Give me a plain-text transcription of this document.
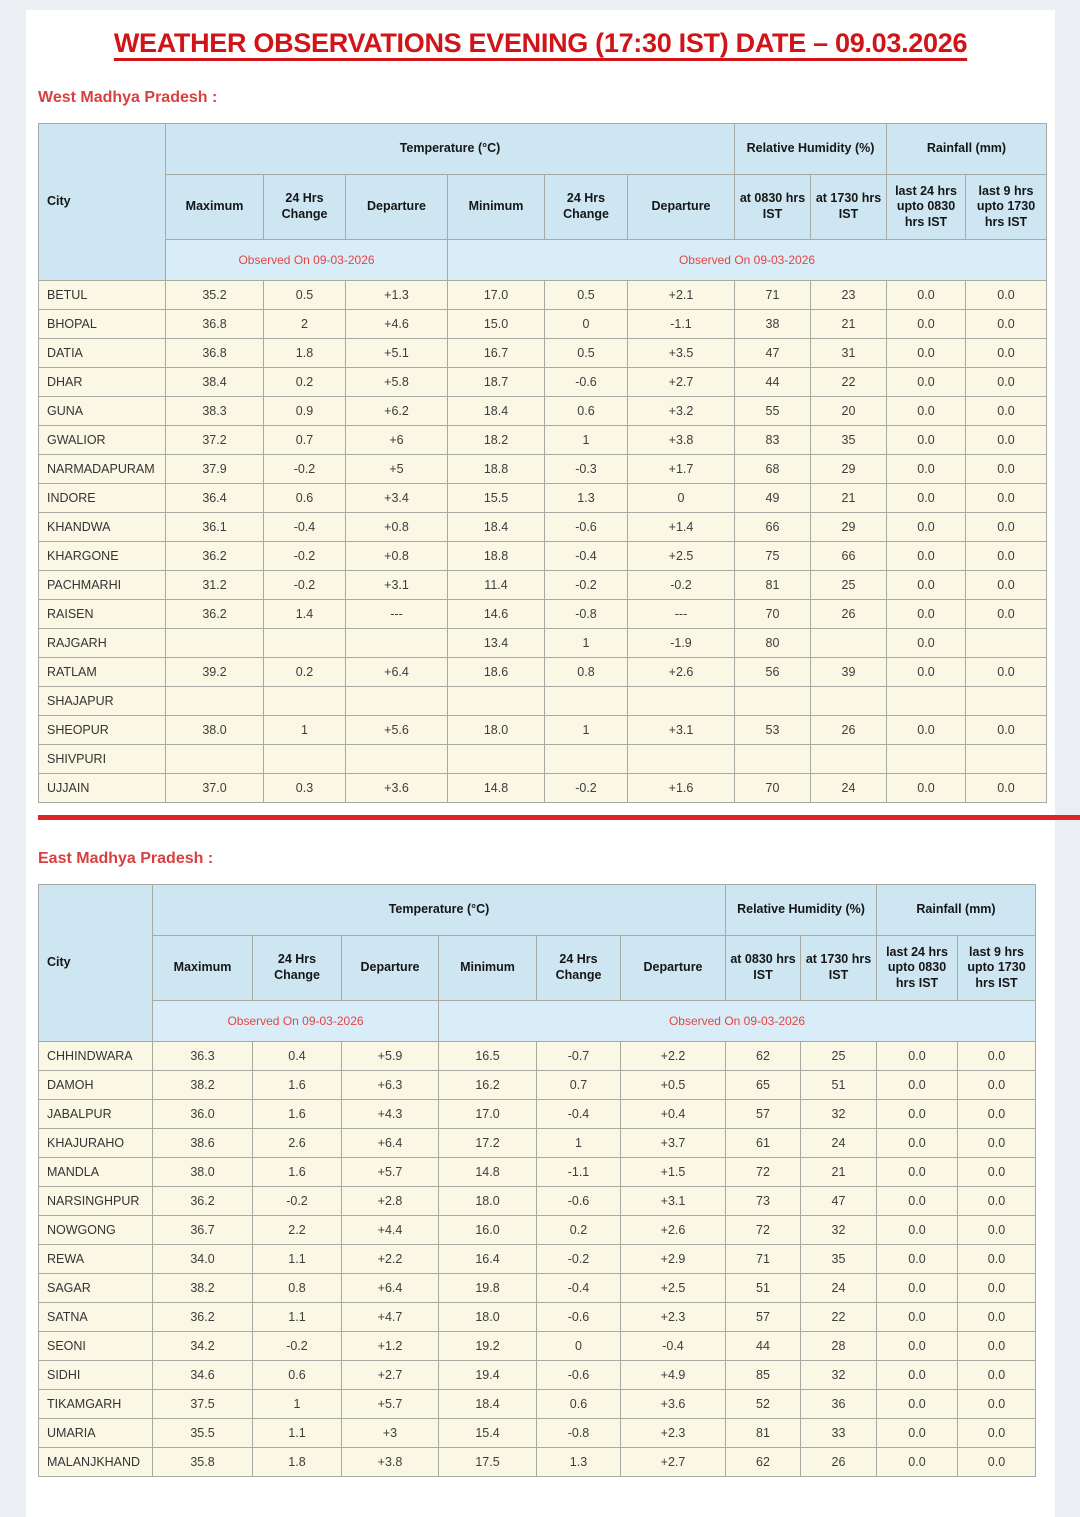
WEATHER OBSERVATIONS EVENING (17:30 IST) DATE – 09.03.2026
West Madhya Pradesh :
City	Temperature (°C)						Relative Humidity (%)		Rainfall (mm)	
	Maximum	24 Hrs Change	Departure	Minimum	24 Hrs Change	Departure	at 0830 hrs IST	at 1730 hrs IST	last 24 hrs upto 0830 hrs IST	last 9 hrs upto 1730 hrs IST
	Observed On 09-03-2026			Observed On 09-03-2026						
BETUL	35.2	0.5	+1.3	17.0	0.5	+2.1	71	23	0.0	0.0
BHOPAL	36.8	2	+4.6	15.0	0	-1.1	38	21	0.0	0.0
DATIA	36.8	1.8	+5.1	16.7	0.5	+3.5	47	31	0.0	0.0
DHAR	38.4	0.2	+5.8	18.7	-0.6	+2.7	44	22	0.0	0.0
GUNA	38.3	0.9	+6.2	18.4	0.6	+3.2	55	20	0.0	0.0
GWALIOR	37.2	0.7	+6	18.2	1	+3.8	83	35	0.0	0.0
NARMADAPURAM	37.9	-0.2	+5	18.8	-0.3	+1.7	68	29	0.0	0.0
INDORE	36.4	0.6	+3.4	15.5	1.3	0	49	21	0.0	0.0
KHANDWA	36.1	-0.4	+0.8	18.4	-0.6	+1.4	66	29	0.0	0.0
KHARGONE	36.2	-0.2	+0.8	18.8	-0.4	+2.5	75	66	0.0	0.0
PACHMARHI	31.2	-0.2	+3.1	11.4	-0.2	-0.2	81	25	0.0	0.0
RAISEN	36.2	1.4	---	14.6	-0.8	---	70	26	0.0	0.0
RAJGARH				13.4	1	-1.9	80		0.0	
RATLAM	39.2	0.2	+6.4	18.6	0.8	+2.6	56	39	0.0	0.0
SHAJAPUR										
SHEOPUR	38.0	1	+5.6	18.0	1	+3.1	53	26	0.0	0.0
SHIVPURI										
UJJAIN	37.0	0.3	+3.6	14.8	-0.2	+1.6	70	24	0.0	0.0
East Madhya Pradesh :
City	Temperature (°C)						Relative Humidity (%)		Rainfall (mm)	
	Maximum	24 Hrs Change	Departure	Minimum	24 Hrs Change	Departure	at 0830 hrs IST	at 1730 hrs IST	last 24 hrs upto 0830 hrs IST	last 9 hrs upto 1730 hrs IST
	Observed On 09-03-2026			Observed On 09-03-2026						
CHHINDWARA	36.3	0.4	+5.9	16.5	-0.7	+2.2	62	25	0.0	0.0
DAMOH	38.2	1.6	+6.3	16.2	0.7	+0.5	65	51	0.0	0.0
JABALPUR	36.0	1.6	+4.3	17.0	-0.4	+0.4	57	32	0.0	0.0
KHAJURAHO	38.6	2.6	+6.4	17.2	1	+3.7	61	24	0.0	0.0
MANDLA	38.0	1.6	+5.7	14.8	-1.1	+1.5	72	21	0.0	0.0
NARSINGHPUR	36.2	-0.2	+2.8	18.0	-0.6	+3.1	73	47	0.0	0.0
NOWGONG	36.7	2.2	+4.4	16.0	0.2	+2.6	72	32	0.0	0.0
REWA	34.0	1.1	+2.2	16.4	-0.2	+2.9	71	35	0.0	0.0
SAGAR	38.2	0.8	+6.4	19.8	-0.4	+2.5	51	24	0.0	0.0
SATNA	36.2	1.1	+4.7	18.0	-0.6	+2.3	57	22	0.0	0.0
SEONI	34.2	-0.2	+1.2	19.2	0	-0.4	44	28	0.0	0.0
SIDHI	34.6	0.6	+2.7	19.4	-0.6	+4.9	85	32	0.0	0.0
TIKAMGARH	37.5	1	+5.7	18.4	0.6	+3.6	52	36	0.0	0.0
UMARIA	35.5	1.1	+3	15.4	-0.8	+2.3	81	33	0.0	0.0
MALANJKHAND	35.8	1.8	+3.8	17.5	1.3	+2.7	62	26	0.0	0.0
